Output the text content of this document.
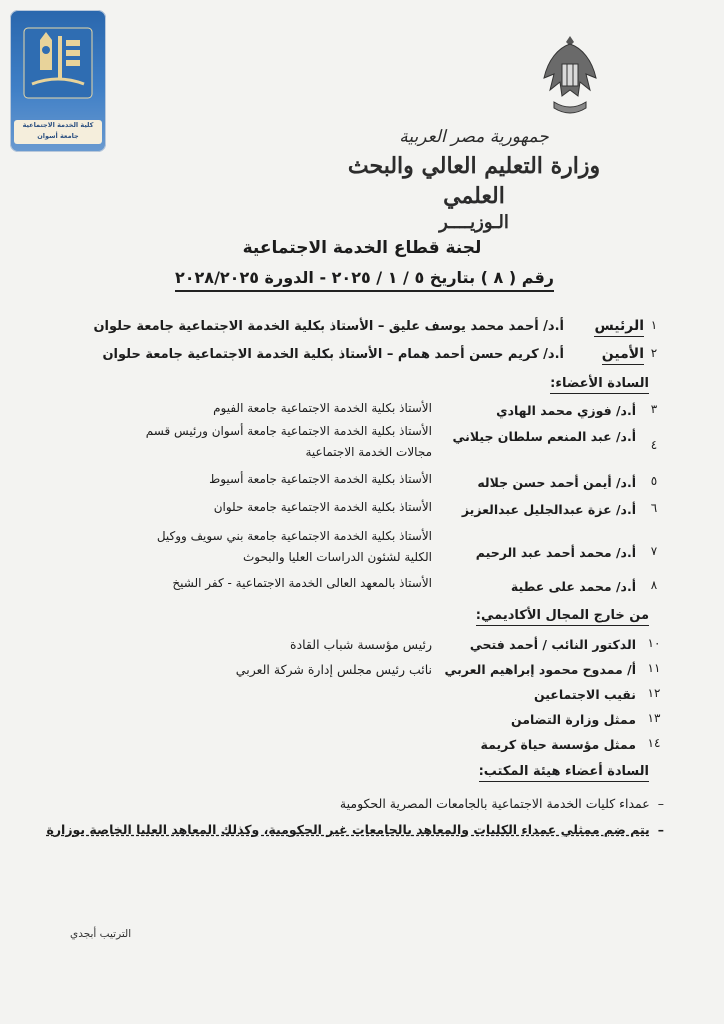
كلية الخدمة الاجتماعية
جامعة أسوان	جمهورية مصر العربية
وزارة التعليم العالي والبحث العلمي
الـوزيــــر
لجنة قطاع الخدمة الاجتماعية
رقم ( ٨ ) بتاريخ ٥ / ١ / ٢٠٢٥ - الدورة ٢٠٢٨/٢٠٢٥
١
الرئيس
أ.د/ أحمد محمد يوسف عليق – الأستاذ بكلية الخدمة الاجتماعية جامعة حلوان
٢
الأمين
أ.د/ كريم حسن أحمد همام – الأستاذ بكلية الخدمة الاجتماعية جامعة حلوان
السادة الأعضاء:
٣
أ.د/ فوزي محمد الهادي
الأستاذ بكلية الخدمة الاجتماعية جامعة الفيوم
٤
أ.د/ عبد المنعم سلطان جيلاني
الأستاذ بكلية الخدمة الاجتماعية جامعة أسوان ورئيس قسم مجالات الخدمة الاجتماعية
٥
أ.د/ أيمن أحمد حسن جلاله
الأستاذ بكلية الخدمة الاجتماعية جامعة أسيوط
٦
أ.د/ عزة عبدالجليل عبدالعزيز
الأستاذ بكلية الخدمة الاجتماعية جامعة حلوان
٧
أ.د/ محمد أحمد عبد الرحيم
الأستاذ بكلية الخدمة الاجتماعية جامعة بني سويف ووكيل الكلية لشئون الدراسات العليا والبحوث
٨
أ.د/ محمد على عطية
الأستاذ بالمعهد العالى الخدمة الاجتماعية - كفر الشيخ
من خارج المجال الأكاديمي:
١٠
الدكتور النائب / أحمد فتحي
رئيس مؤسسة شباب القادة
١١
أ/ ممدوح محمود إبراهيم العربي
نائب رئيس مجلس إدارة شركة العربي
١٢
نقيب الاجتماعين
١٣
ممثل وزارة التضامن
١٤
ممثل مؤسسة حياة كريمة
السادة أعضاء هيئة المكتب:
–عمداء كليات الخدمة الاجتماعية بالجامعات المصرية الحكومية
–يتم ضم ممثلي عمداء الكليات والمعاهد بالجامعات غير الحكومية، وكذلك المعاهد العليا الخاصة بوزارة
الترتيب أبجدي
